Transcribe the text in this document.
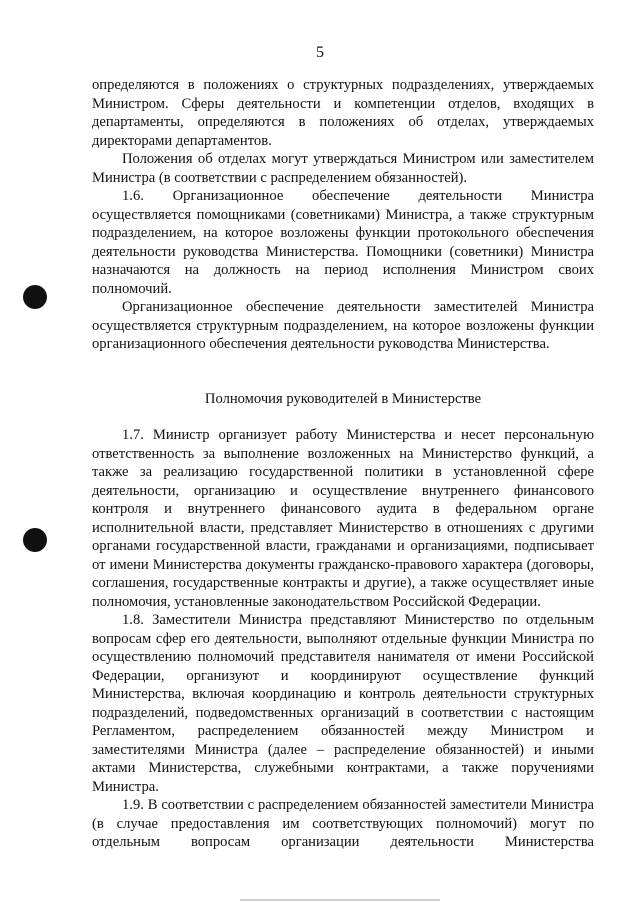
5

определяются в положениях о структурных подразделениях, утверждаемых Министром. Сферы деятельности и компетенции отделов, входящих в департаменты, определяются в положениях об отделах, утверждаемых директорами департаментов.

Положения об отделах могут утверждаться Министром или заместителем Министра (в соответствии с распределением обязанностей).

1.6. Организационное обеспечение деятельности Министра осуществляется помощниками (советниками) Министра, а также структурным подразделением, на которое возложены функции протокольного обеспечения деятельности руководства Министерства. Помощники (советники) Министра назначаются на должность на период исполнения Министром своих полномочий.

Организационное обеспечение деятельности заместителей Министра осуществляется структурным подразделением, на которое возложены функции организационного обеспечения деятельности руководства Министерства.

Полномочия руководителей в Министерстве

1.7. Министр организует работу Министерства и несет персональную ответственность за выполнение возложенных на Министерство функций, а также за реализацию государственной политики в установленной сфере деятельности, организацию и осуществление внутреннего финансового контроля и внутреннего финансового аудита в федеральном органе исполнительной власти, представляет Министерство в отношениях с другими органами государственной власти, гражданами и организациями, подписывает от имени Министерства документы гражданско-правового характера (договоры, соглашения, государственные контракты и другие), а также осуществляет иные полномочия, установленные законодательством Российской Федерации.

1.8. Заместители Министра представляют Министерство по отдельным вопросам сфер его деятельности, выполняют отдельные функции Министра по осуществлению полномочий представителя нанимателя от имени Российской Федерации, организуют и координируют осуществление функций Министерства, включая координацию и контроль деятельности структурных подразделений, подведомственных организаций в соответствии с настоящим Регламентом, распределением обязанностей между Министром и заместителями Министра (далее – распределение обязанностей) и иными актами Министерства, служебными контрактами, а также поручениями Министра.

1.9. В соответствии с распределением обязанностей заместители Министра (в случае предоставления им соответствующих полномочий) могут по отдельным вопросам организации деятельности Министерства
